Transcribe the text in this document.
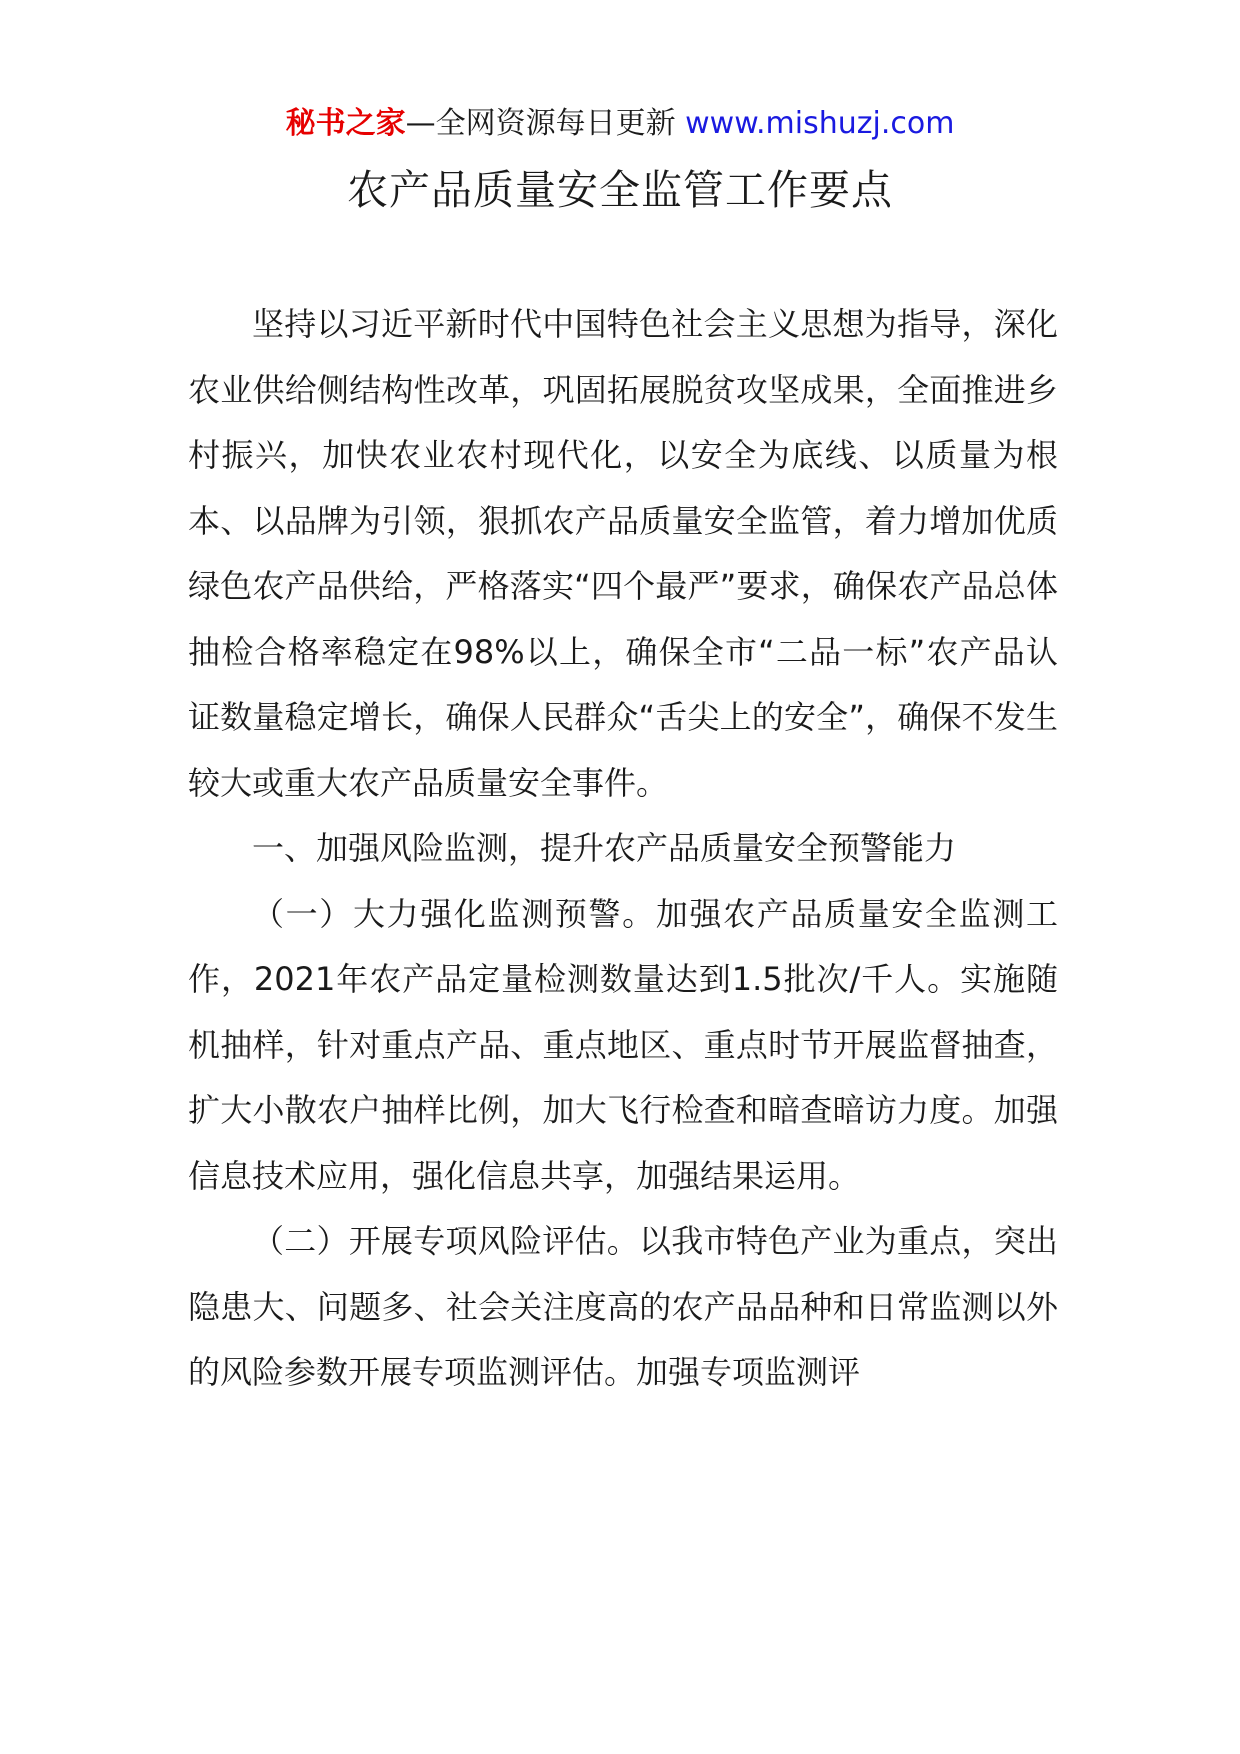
秘书之家—全网资源每日更新 www.mishuzj.com
农产品质量安全监管工作要点

坚持以习近平新时代中国特色社会主义思想为指导，深化农业供给侧结构性改革，巩固拓展脱贫攻坚成果，全面推进乡村振兴，加快农业农村现代化，以安全为底线、以质量为根本、以品牌为引领，狠抓农产品质量安全监管，着力增加优质绿色农产品供给，严格落实“四个最严”要求，确保农产品总体抽检合格率稳定在98%以上，确保全市“二品一标”农产品认证数量稳定增长，确保人民群众“舌尖上的安全”，确保不发生较大或重大农产品质量安全事件。

一、加强风险监测，提升农产品质量安全预警能力

（一）大力强化监测预警。加强农产品质量安全监测工作，2021年农产品定量检测数量达到1.5批次/千人。实施随机抽样，针对重点产品、重点地区、重点时节开展监督抽查，扩大小散农户抽样比例，加大飞行检查和暗查暗访力度。加强信息技术应用，强化信息共享，加强结果运用。

（二）开展专项风险评估。以我市特色产业为重点，突出隐患大、问题多、社会关注度高的农产品品种和日常监测以外的风险参数开展专项监测评估。加强专项监测评
